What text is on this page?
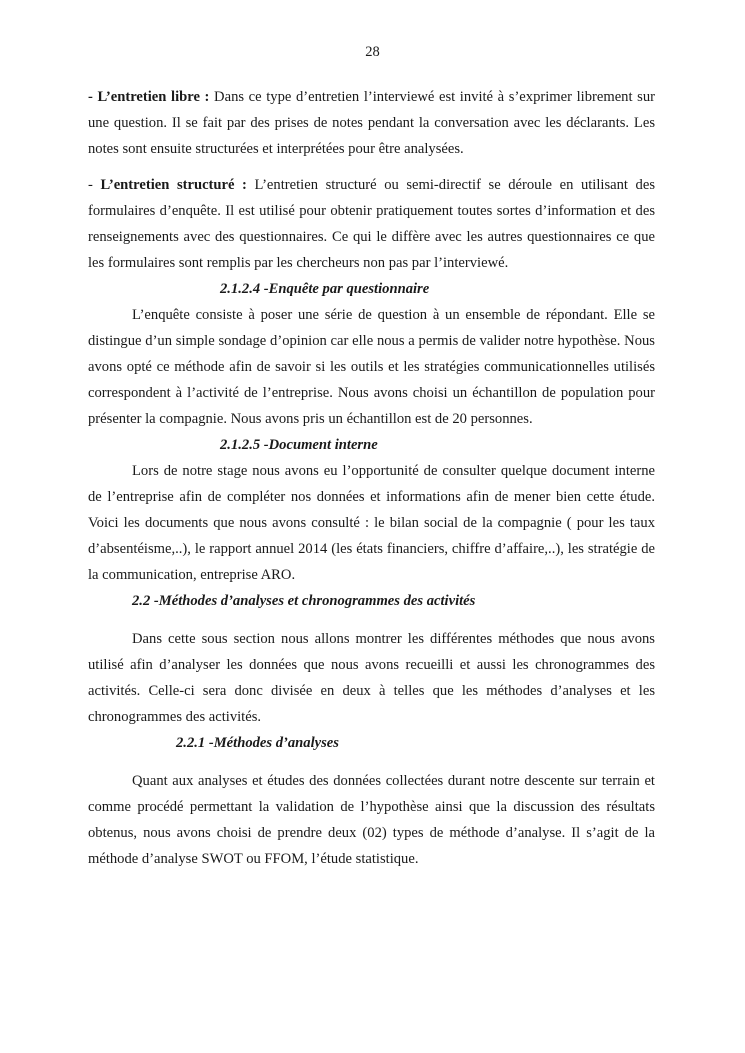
28

- L’entretien libre : Dans ce type d’entretien l’interviewé est invité à s’exprimer librement sur une question. Il se fait par des prises de notes pendant la conversation avec les déclarants. Les notes sont ensuite structurées et interprétées pour être analysées.

- L’entretien structuré : L’entretien structuré ou semi-directif se déroule en utilisant des formulaires d’enquête. Il est utilisé pour obtenir pratiquement toutes sortes d’information et des renseignements avec des questionnaires. Ce qui le diffère avec les autres questionnaires ce que les formulaires sont remplis par les chercheurs non pas par l’interviewé.

2.1.2.4 -Enquête par questionnaire

L’enquête consiste à poser une série de question à un ensemble de répondant. Elle se distingue d’un simple sondage d’opinion car elle nous a permis de valider notre hypothèse. Nous avons opté ce méthode afin de savoir si les outils et les stratégies communicationnelles utilisés correspondent à l’activité de l’entreprise. Nous avons choisi un échantillon de population pour présenter la compagnie. Nous avons pris un échantillon est de 20 personnes.

2.1.2.5 -Document interne

Lors de notre stage nous avons eu l’opportunité de consulter quelque document interne de l’entreprise afin de compléter nos données et informations afin de mener bien cette étude. Voici les documents que nous avons consulté : le bilan social de la compagnie ( pour les taux d’absentéisme,..), le rapport annuel 2014 (les états financiers, chiffre d’affaire,..), les stratégie de la communication, entreprise ARO.

2.2 -Méthodes d’analyses et chronogrammes des activités

Dans cette sous section nous allons montrer les différentes méthodes que nous avons utilisé afin d’analyser les données que nous avons recueilli et aussi les chronogrammes des activités. Celle-ci sera donc divisée en deux à telles que les méthodes d’analyses et les chronogrammes des activités.

2.2.1 -Méthodes d’analyses

Quant aux analyses et études des données collectées durant notre descente sur terrain et comme procédé permettant la validation de l’hypothèse ainsi que la discussion des résultats obtenus, nous avons choisi de prendre deux (02) types de méthode d’analyse. Il s’agit de la méthode d’analyse SWOT ou FFOM, l’étude statistique.
